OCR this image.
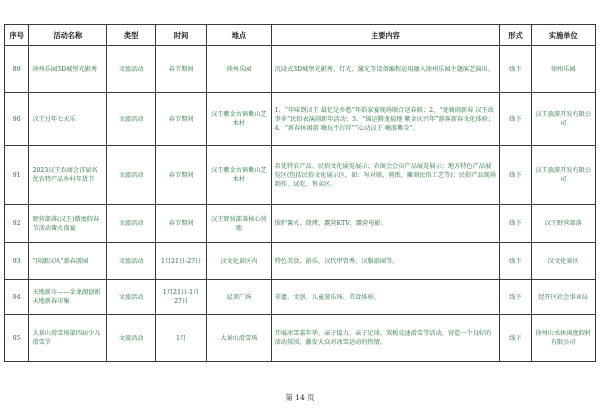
序号	活动名称	类型	时间	地点	主要内容	形式	实施单位
89	徐州乐园3D城堡光影秀	文旅活动	春节期间	徐州乐园	沉浸式3D城堡光影秀，灯光、激光等设备编程运用融入徐州乐园主题演艺演出。	线下	徐州乐园
90	汉王过年七天乐	文旅活动	春节期间	汉王紫金古镇紫山艺术村	1、“年味到汉王 最忆是乡愁”年俗家宴现场联合送春联；2、“龙骑闹新春 汉王故事多”民俗表演闹新年活动；3、“锦运腾龙福地 紫金庆兴年”游客新春文化体验；4、“新春休闲游 嗨玩不打烊”“心动汉王 嗨游紫金”。	线下	汉王旅游开发有限公司
91	2023汉王农商会首届名优农特产品乡村年货节	文旅活动	春节期间	汉王紫金古镇紫山艺术村	名优特农产品、民俗文化展览展示；农商会会员产品展览展示；地方特色产品展览区(包括民俗文化展示区，如：写对联、剪纸、雕刻民俗工艺等)；民俗产品现场制作、试吃、售卖区。	线下	汉王旅游开发有限公司
92	野营部落(汉王)微度假春节活动篝火夜宴	文旅活动	春节期间	汉王野营部落核心营地	围炉篝火、烧烤、露营KTV、露营电影。	线下	汉王野营部落
93	“国潮汉风”新春游园	文旅活动	1月21日-27日	汉文化景区内	特色美食、游乐、汉代甲胄秀、汉服游园等。	线下	汉文化景区
94	天地新市——金龙湖创新天地新春市集	文旅活动	1月21日-1月27日	屋顶广场	非遗、文创、儿童游乐场、美食体验。	线下	经开区社会事业局
95	大景山滑雪场第四届少儿滑雪节	文旅活动	1月	大景山滑雪场	开展冰雪嘉年华、亲子接力、亲子足球、双板竞速滑雪等活动，营造一个良好的活动氛围，激发大众对冰雪运动的热情。	线下	徐州山水休闲度假村有限公司
第 14 页
